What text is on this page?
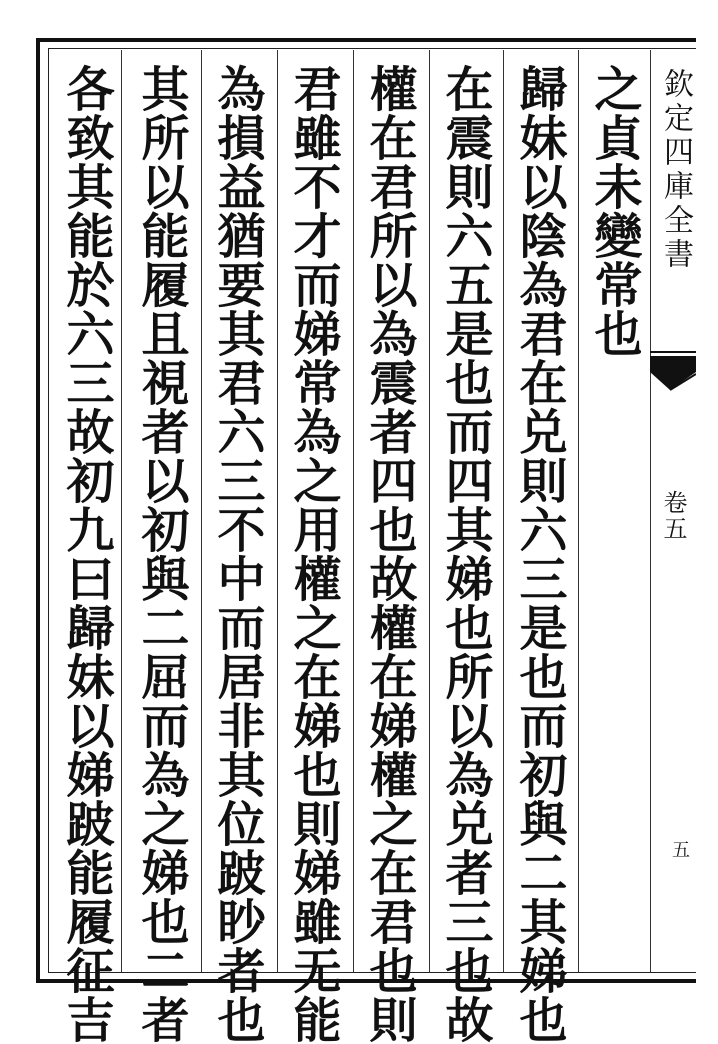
之貞未變常也
歸妹以陰為君在兑則六三是也而初與二其娣也
在震則六五是也而四其娣也所以為兑者三也故
權在君所以為震者四也故權在娣權之在君也則
君雖不才而娣常為之用權之在娣也則娣雖无能
為損益猶要其君六三不中而居非其位跛眇者也
其所以能履且視者以初與二屈而為之娣也二者
各致其能於六三故初九曰歸妹以娣跛能履征吉	欽定四庫全書
卷五
五
